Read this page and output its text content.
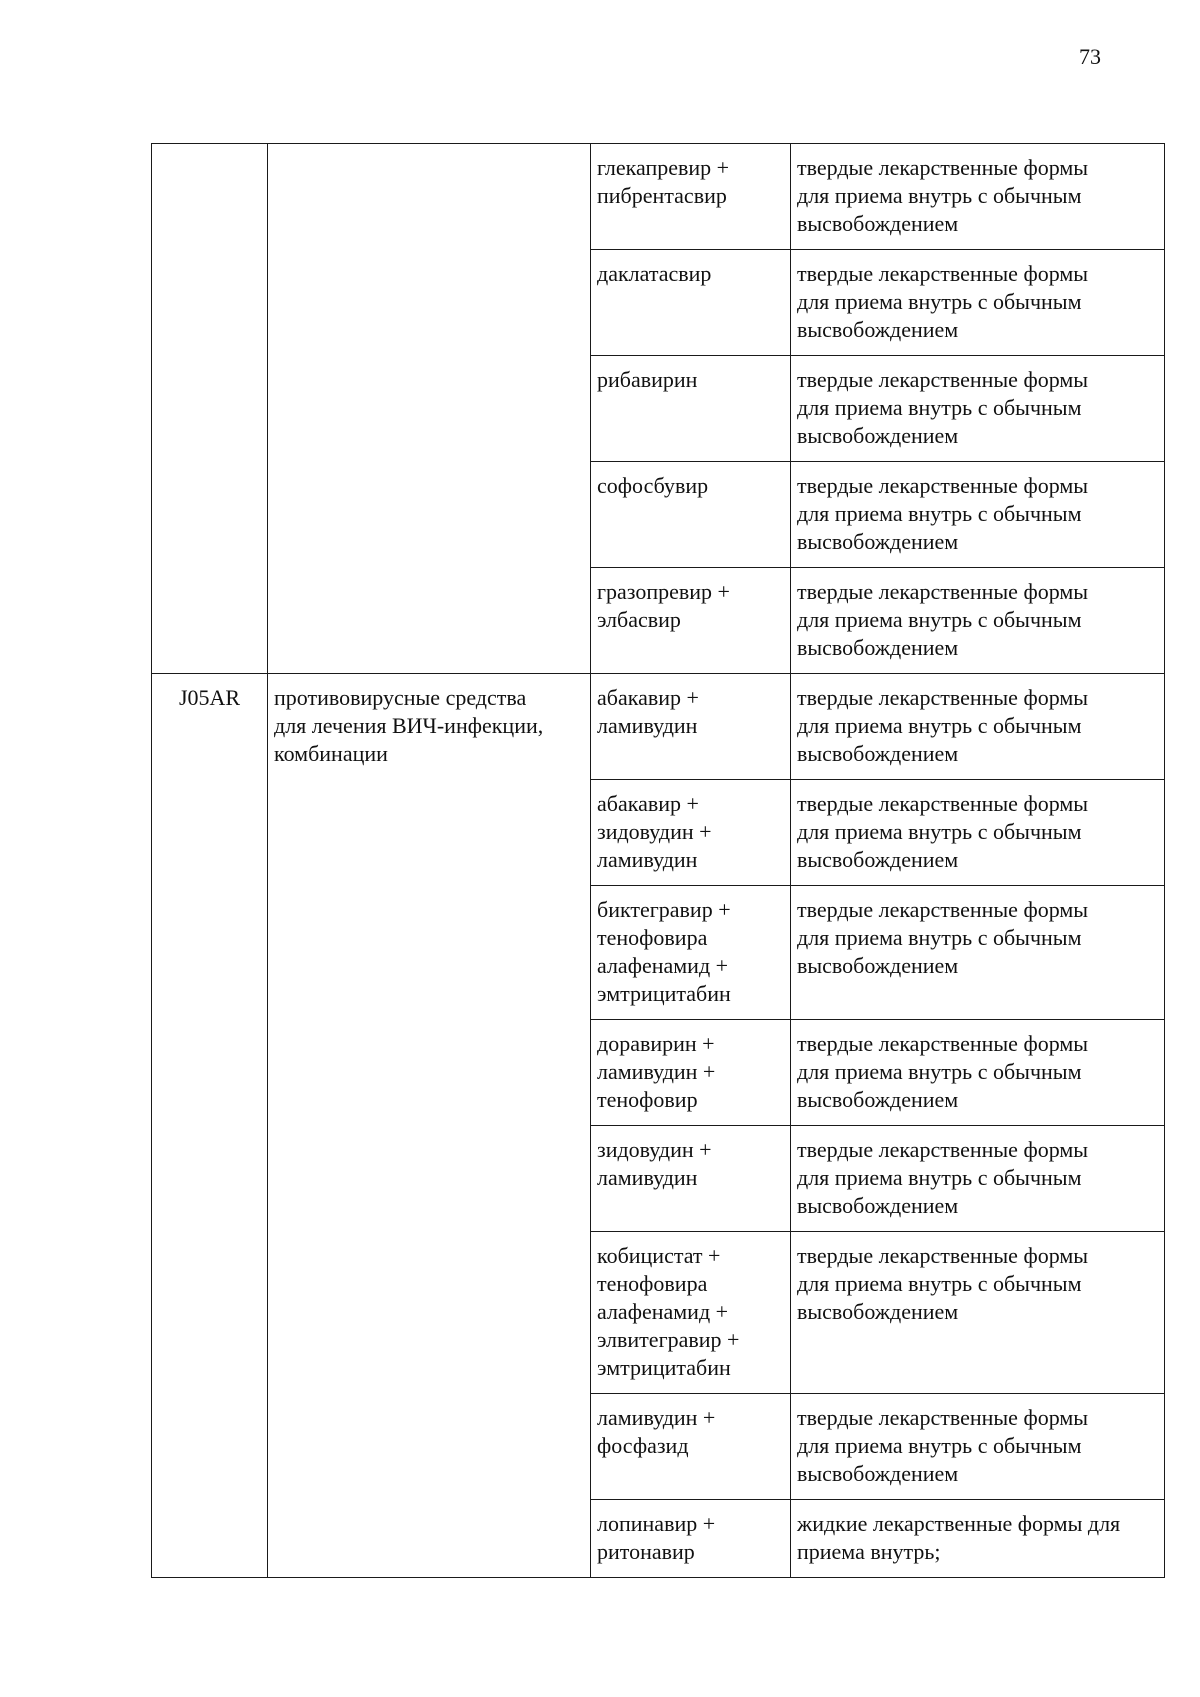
73
		глекапревир +
пибрентасвир	твердые лекарственные формы
для приема внутрь с обычным
высвобождением
		даклатасвир	твердые лекарственные формы
для приема внутрь с обычным
высвобождением
		рибавирин	твердые лекарственные формы
для приема внутрь с обычным
высвобождением
		софосбувир	твердые лекарственные формы
для приема внутрь с обычным
высвобождением
		гразопревир +
элбасвир	твердые лекарственные формы
для приема внутрь с обычным
высвобождением
J05AR	противовирусные средства
для лечения ВИЧ-инфекции,
комбинации	абакавир +
ламивудин	твердые лекарственные формы
для приема внутрь с обычным
высвобождением
		абакавир +
зидовудин +
ламивудин	твердые лекарственные формы
для приема внутрь с обычным
высвобождением
		биктегравир +
тенофовира
алафенамид +
эмтрицитабин	твердые лекарственные формы
для приема внутрь с обычным
высвобождением
		доравирин +
ламивудин +
тенофовир	твердые лекарственные формы
для приема внутрь с обычным
высвобождением
		зидовудин +
ламивудин	твердые лекарственные формы
для приема внутрь с обычным
высвобождением
		кобицистат +
тенофовира
алафенамид +
элвитегравир +
эмтрицитабин	твердые лекарственные формы
для приема внутрь с обычным
высвобождением
		ламивудин +
фосфазид	твердые лекарственные формы
для приема внутрь с обычным
высвобождением
		лопинавир +
ритонавир	жидкие лекарственные формы для
приема внутрь;
